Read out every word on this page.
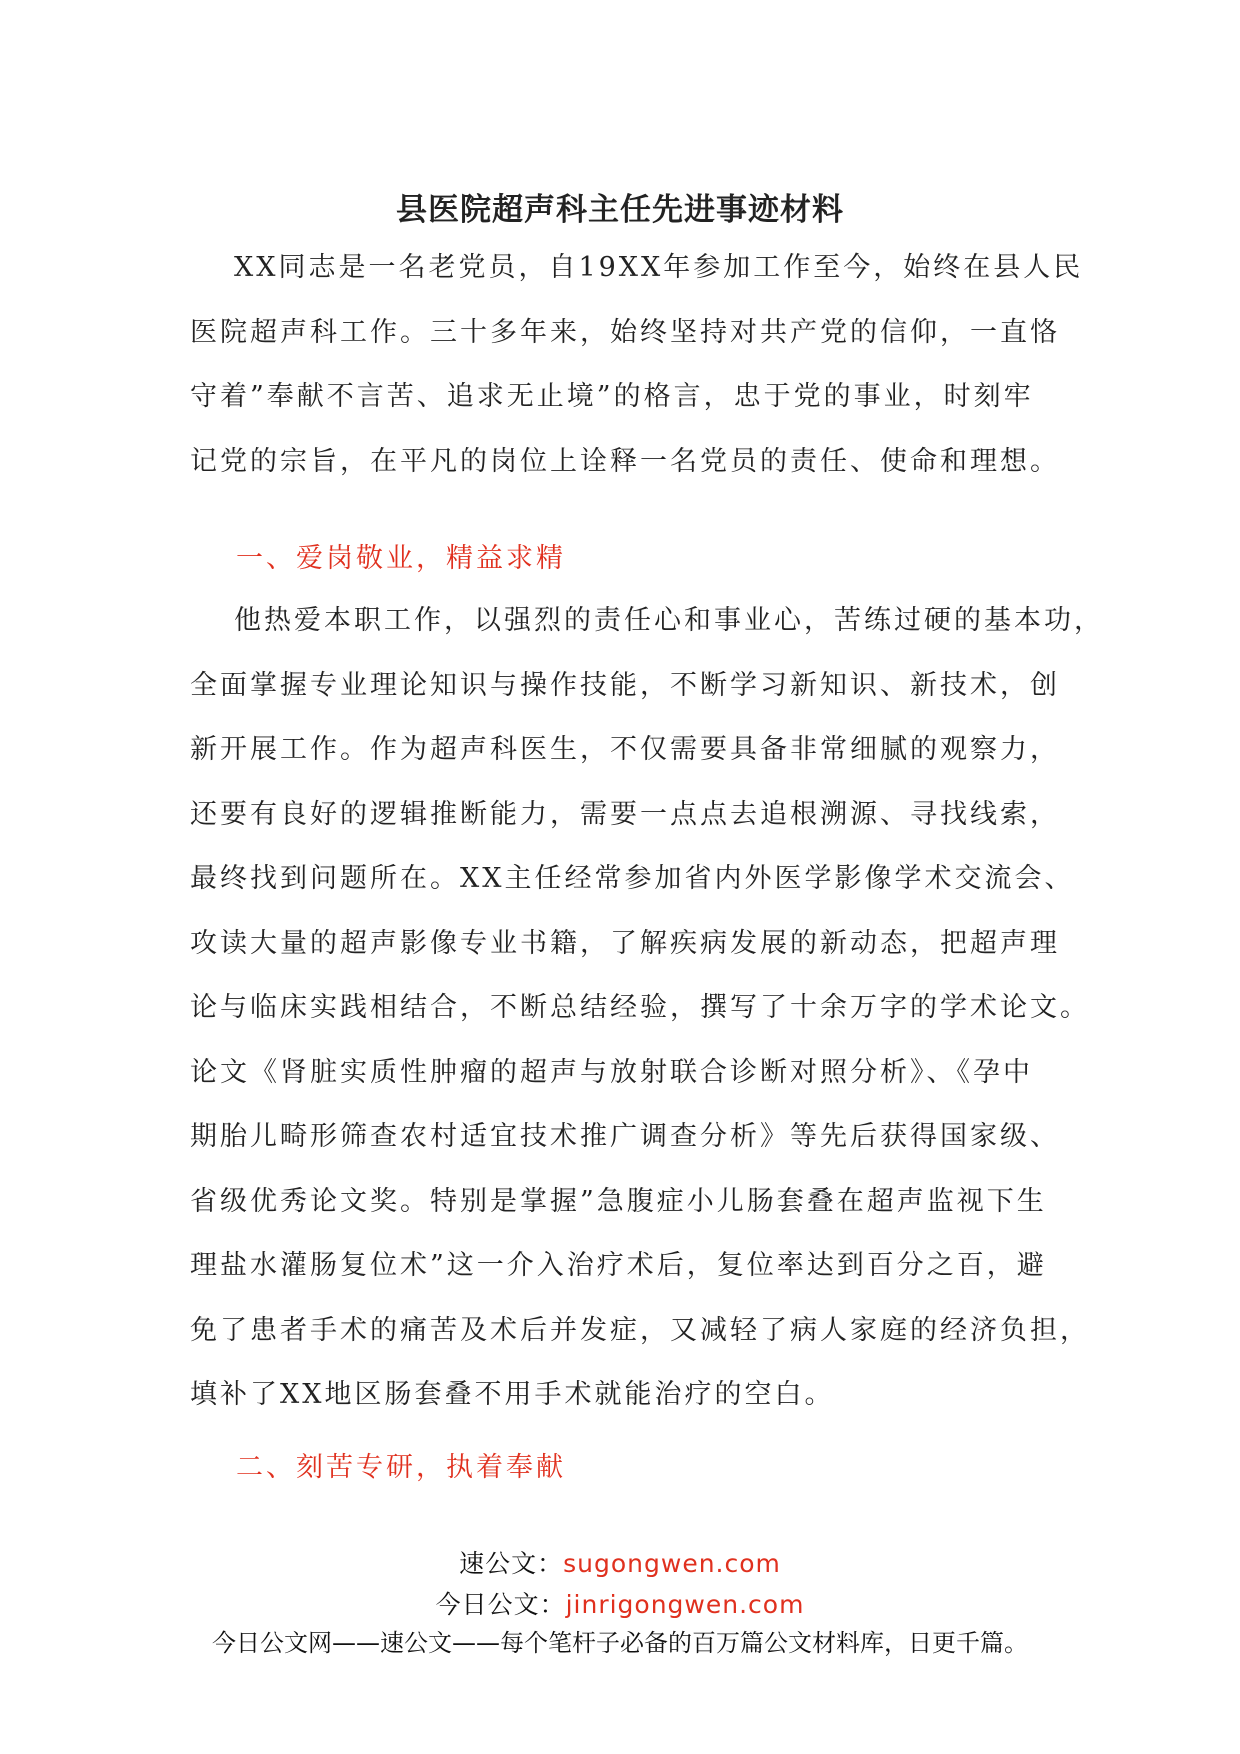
县医院超声科主任先进事迹材料
XX同志是一名老党员，自19XX年参加工作至今，始终在县人民
医院超声科工作。三十多年来，始终坚持对共产党的信仰，一直恪
守着”奉献不言苦、追求无止境”的格言，忠于党的事业，时刻牢
记党的宗旨，在平凡的岗位上诠释一名党员的责任、使命和理想。
一、爱岗敬业，精益求精
他热爱本职工作，以强烈的责任心和事业心，苦练过硬的基本功，
全面掌握专业理论知识与操作技能，不断学习新知识、新技术，创
新开展工作。作为超声科医生，不仅需要具备非常细腻的观察力，
还要有良好的逻辑推断能力，需要一点点去追根溯源、寻找线索，
最终找到问题所在。XX主任经常参加省内外医学影像学术交流会、
攻读大量的超声影像专业书籍，了解疾病发展的新动态，把超声理
论与临床实践相结合，不断总结经验，撰写了十余万字的学术论文。
论文《肾脏实质性肿瘤的超声与放射联合诊断对照分析》、《孕中
期胎儿畸形筛查农村适宜技术推广调查分析》等先后获得国家级、
省级优秀论文奖。特别是掌握”急腹症小儿肠套叠在超声监视下生
理盐水灌肠复位术”这一介入治疗术后，复位率达到百分之百，避
免了患者手术的痛苦及术后并发症，又减轻了病人家庭的经济负担，
填补了XX地区肠套叠不用手术就能治疗的空白。
二、刻苦专研，执着奉献

速公文：sugongwen.com

今日公文：jinrigongwen.com

今日公文网——速公文——每个笔杆子必备的百万篇公文材料库，日更千篇。
